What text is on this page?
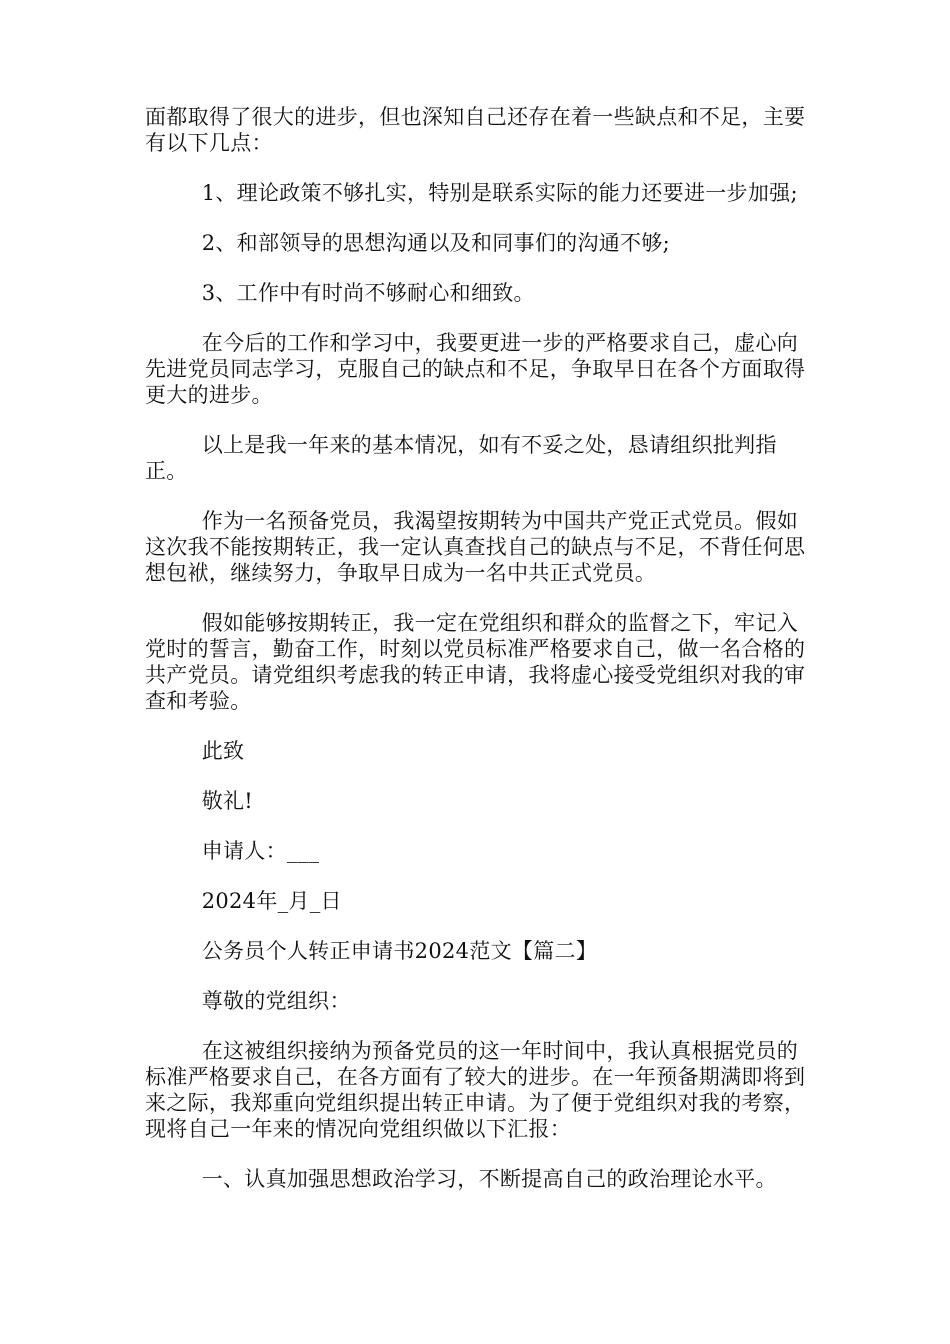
面都取得了很大的进步，但也深知自己还存在着一些缺点和不足，主要有以下几点：

1、理论政策不够扎实，特别是联系实际的能力还要进一步加强;

2、和部领导的思想沟通以及和同事们的沟通不够;

3、工作中有时尚不够耐心和细致。

在今后的工作和学习中，我要更进一步的严格要求自己，虚心向先进党员同志学习，克服自己的缺点和不足，争取早日在各个方面取得更大的进步。

以上是我一年来的基本情况，如有不妥之处，恳请组织批判指正。

作为一名预备党员，我渴望按期转为中国共产党正式党员。假如这次我不能按期转正，我一定认真查找自己的缺点与不足，不背任何思想包袱，继续努力，争取早日成为一名中共正式党员。

假如能够按期转正，我一定在党组织和群众的监督之下，牢记入党时的誓言，勤奋工作，时刻以党员标准严格要求自己，做一名合格的共产党员。请党组织考虑我的转正申请，我将虚心接受党组织对我的审查和考验。

此致

敬礼!

申请人：___

2024年_月_日

公务员个人转正申请书2024范文【篇二】

尊敬的党组织：

在这被组织接纳为预备党员的这一年时间中，我认真根据党员的标准严格要求自己，在各方面有了较大的进步。在一年预备期满即将到来之际，我郑重向党组织提出转正申请。为了便于党组织对我的考察，现将自己一年来的情况向党组织做以下汇报：

一、认真加强思想政治学习，不断提高自己的政治理论水平。
